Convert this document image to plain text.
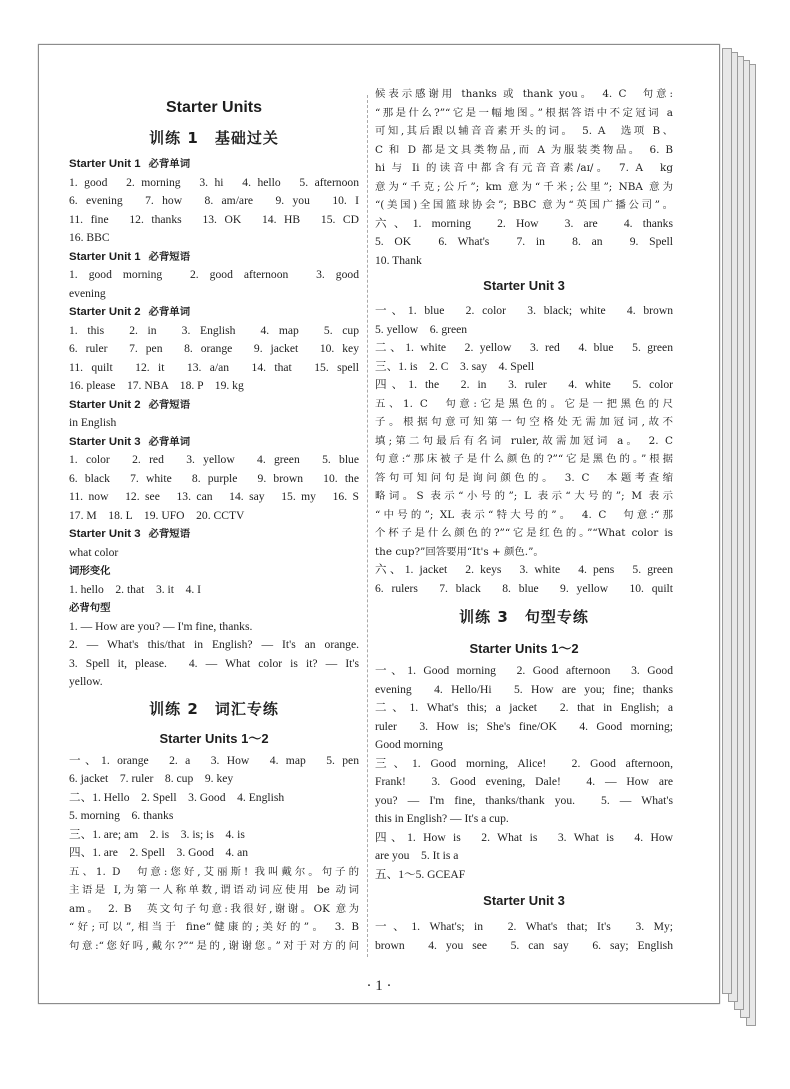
Starter Units
训练 1　基础过关
Starter Unit 1 必背单词
1. good　2. morning　3. hi　4. hello　5. afternoon
6. evening　7. how　8. am/are　9. you　10. I
11. fine　12. thanks　13. OK　14. HB　15. CD
16. BBC
Starter Unit 1 必背短语
1. good morning　2. good afternoon　3. good
evening
Starter Unit 2 必背单词
1. this　2. in　3. English　4. map　5. cup
6. ruler　7. pen　8. orange　9. jacket　10. key
11. quilt　12. it　13. a/an　14. that　15. spell
16. please　17. NBA　18. P　19. kg
Starter Unit 2 必背短语
in English
Starter Unit 3 必背单词
1. color　2. red　3. yellow　4. green　5. blue
6. black　7. white　8. purple　9. brown　10. the
11. now　12. see　13. can　14. say　15. my　16. S
17. M　18. L　19. UFO　20. CCTV
Starter Unit 3 必背短语
what color
词形变化
1. hello　2. that　3. it　4. I
必背句型
1. — How are you? — I'm fine, thanks.
2. — What's this/that in English? — It's an orange.
3. Spell it, please.　4. — What color is it? — It's
yellow.
训练 2　词汇专练
Starter Units 1～2
一、1. orange　2. a　3. How　4. map　5. pen
6. jacket　7. ruler　8. cup　9. key
二、1. Hello　2. Spell　3. Good　4. English
5. morning　6. thanks
三、1. are; am　2. is　3. is; is　4. is
四、1. are　2. Spell　3. Good　4. an
五、1. D　句意:您好,艾丽斯! 我叫戴尔。句子的
主语是 I,为第一人称单数,谓语动词应使用 be 动词
am。　2. B　英文句子句意:我很好,谢谢。OK 意为
“好;可以”,相当于 fine“健康的;美好的”。　3. B
句意:“您好吗,戴尔?”“是的,谢谢您。”对于对方的问
候表示感谢用 thanks 或 thank you。　4. C　句意:
“那是什么?”“它是一幅地图。”根据答语中不定冠词 a
可知,其后跟以辅音音素开头的词。　5. A　选项 B、
C 和 D 都是文具类物品,而 A 为服装类物品。　6. B
hi 与 Ii 的读音中都含有元音音素/aɪ/。　7. A　kg
意为“千克;公斤”; km 意为“千米;公里”; NBA 意为
“(美国)全国篮球协会”; BBC 意为“英国广播公司”。
六、1. morning　2. How　3. are　4. thanks
5. OK　6. What's　7. in　8. an　9. Spell
10. Thank
Starter Unit 3
一、1. blue　2. color　3. black; white　4. brown
5. yellow　6. green
二、1. white　2. yellow　3. red　4. blue　5. green
三、1. is　2. C　3. say　4. Spell
四、1. the　2. in　3. ruler　4. white　5. color
五、1. C　句意:它是黑色的。它是一把黑色的尺
子。根据句意可知第一句空格处无需加冠词,故不
填;第二句最后有名词 ruler,故需加冠词 a。　2. C
句意:“那床被子是什么颜色的?”“它是黑色的。”根据
答句可知问句是询问颜色的。　3. C　本题考查缩
略词。S 表示“小号的”; L 表示“大号的”; M 表示
“中号的”; XL 表示“特大号的”。　4. C　句意:“那
个杯子是什么颜色的?”“它是红色的。”“What color is
the cup?”回答要用“It's + 颜色.”。
六、1. jacket　2. keys　3. white　4. pens　5. green
6. rulers　7. black　8. blue　9. yellow　10. quilt
训练 3　句型专练
Starter Units 1～2
一、1. Good morning　2. Good afternoon　3. Good
evening　4. Hello/Hi　5. How are you; fine; thanks
二、1. What's this; a jacket　2. that in English; a
ruler　3. How is; She's fine/OK　4. Good morning;
Good morning
三、1. Good morning, Alice!　2. Good afternoon,
Frank!　3. Good evening, Dale!　4. — How are
you? — I'm fine, thanks/thank you.　5. — What's
this in English? — It's a cup.
四、1. How is　2. What is　3. What is　4. How
are you　5. It is a
五、1～5. GCEAF
Starter Unit 3
一、1. What's; in　2. What's that; It's　3. My;
brown　4. you see　5. can say　6. say; English
· 1 ·
